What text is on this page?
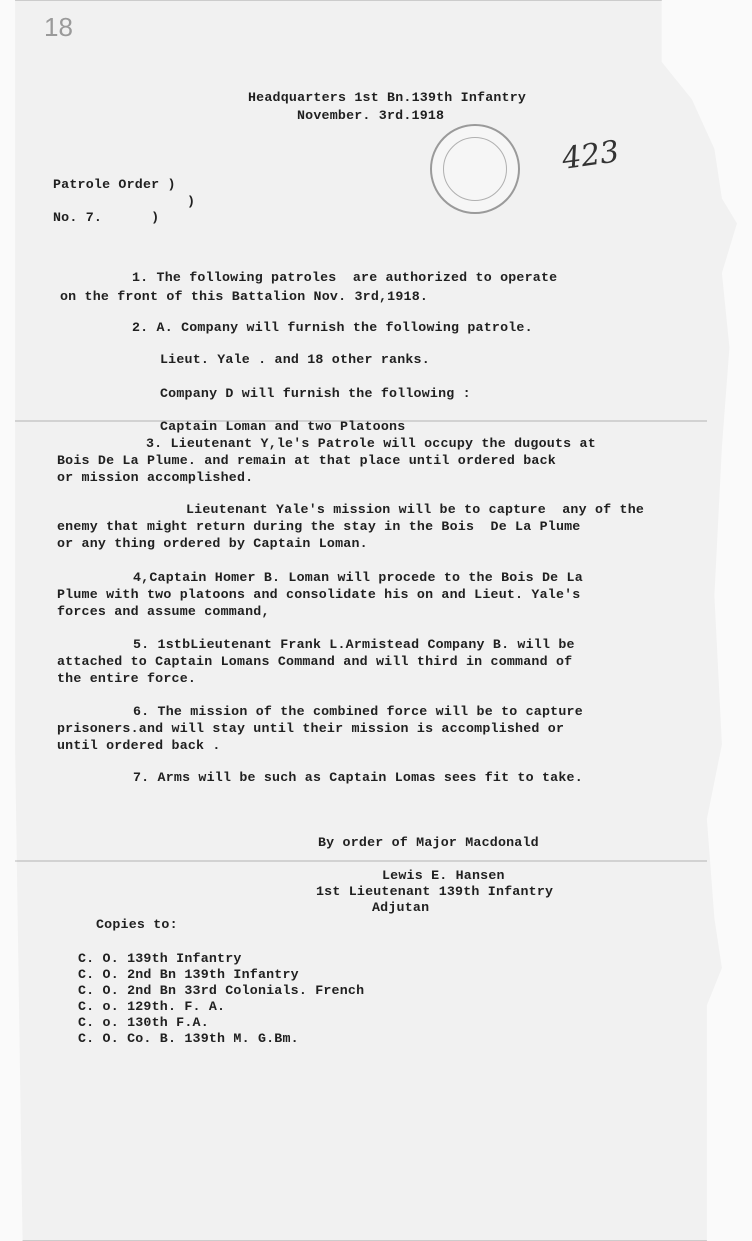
18
423
Headquarters 1st Bn.139th Infantry
November. 3rd.1918
Patrole Order )
)
No. 7.      )
1. The following patroles  are authorized to operate
on the front of this Battalion Nov. 3rd,1918.
2. A. Company will furnish the following patrole.
Lieut. Yale . and 18 other ranks.
Company D will furnish the following :
Captain Loman and two Platoons
3. Lieutenant Y,le's Patrole will occupy the dugouts at
Bois De La Plume. and remain at that place until ordered back
or mission accomplished.
Lieutenant Yale's mission will be to capture  any of the
enemy that might return during the stay in the Bois  De La Plume
or any thing ordered by Captain Loman.
4,Captain Homer B. Loman will procede to the Bois De La
Plume with two platoons and consolidate his on and Lieut. Yale's
forces and assume command,
5. 1stbLieutenant Frank L.Armistead Company B. will be
attached to Captain Lomans Command and will third in command of
the entire force.
6. The mission of the combined force will be to capture
prisoners.and will stay until their mission is accomplished or
until ordered back .
7. Arms will be such as Captain Lomas sees fit to take.
By order of Major Macdonald
Lewis E. Hansen
1st Lieutenant 139th Infantry
Adjutan
Copies to:
C. O. 139th Infantry
C. O. 2nd Bn 139th Infantry
C. O. 2nd Bn 33rd Colonials. French
C. o. 129th. F. A.
C. o. 130th F.A.
C. O. Co. B. 139th M. G.Bm.
